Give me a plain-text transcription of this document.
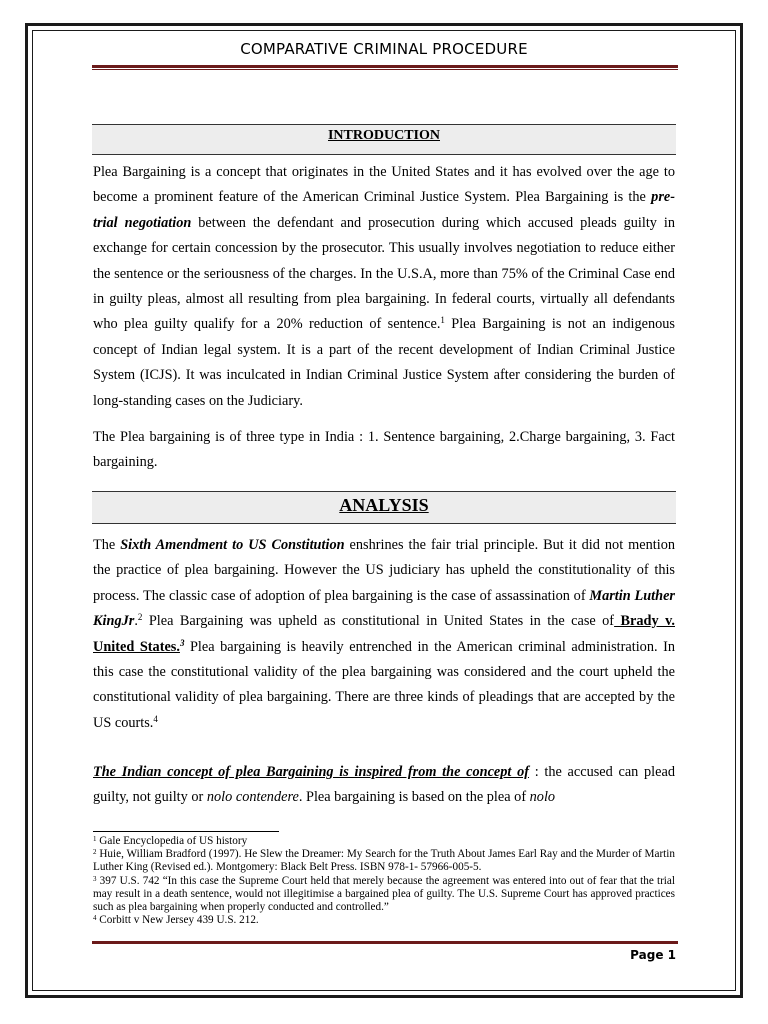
COMPARATIVE CRIMINAL PROCEDURE
INTRODUCTION

Plea Bargaining is a concept that originates in the United States and it has evolved over the age to become a prominent feature of the American Criminal Justice System. Plea Bargaining is the pre-trial negotiation between the defendant and prosecution during which accused pleads guilty in exchange for certain concession by the prosecutor. This usually involves negotiation to reduce either the sentence or the seriousness of the charges. In the U.S.A, more than 75% of the Criminal Case end in guilty pleas, almost all resulting from plea bargaining. In federal courts, virtually all defendants who plea guilty qualify for a 20% reduction of sentence.$^1$ Plea Bargaining is not an indigenous concept of Indian legal system. It is a part of the recent development of Indian Criminal Justice System (ICJS). It was inculcated in Indian Criminal Justice System after considering the burden of long-standing cases on the Judiciary.

The Plea bargaining is of three type in India : 1. Sentence bargaining, 2.Charge bargaining, 3. Fact bargaining.

ANALYSIS

The Sixth Amendment to US Constitution enshrines the fair trial principle. But it did not mention the practice of plea bargaining. However the US judiciary has upheld the constitutionality of this process. The classic case of adoption of plea bargaining is the case of assassination of Martin Luther KingJr.$^2$ Plea Bargaining was upheld as constitutional in United States in the case of Brady v. United States.$^3$ Plea bargaining is heavily entrenched in the American criminal administration. In this case the constitutional validity of the plea bargaining was considered and the court upheld the constitutional validity of plea bargaining. There are three kinds of pleadings that are accepted by the US courts.$^4$

The Indian concept of plea Bargaining is inspired from the concept of : the accused can plead guilty, not guilty or nolo contendere. Plea bargaining is based on the plea of nolo

$^1$ Gale Encyclopedia of US history
$^2$ Huie, William Bradford (1997). He Slew the Dreamer: My Search for the Truth About James Earl Ray and the Murder of Martin Luther King (Revised ed.). Montgomery: Black Belt Press. ISBN 978-1- 57966-005-5.
$^3$ 397 U.S. 742 “In this case the Supreme Court held that merely because the agreement was entered into out of fear that the trial may result in a death sentence, would not illegitimise a bargained plea of guilty. The U.S. Supreme Court has approved practices such as plea bargaining when properly conducted and controlled.”
$^4$ Corbitt v New Jersey 439 U.S. 212.
Page 1
